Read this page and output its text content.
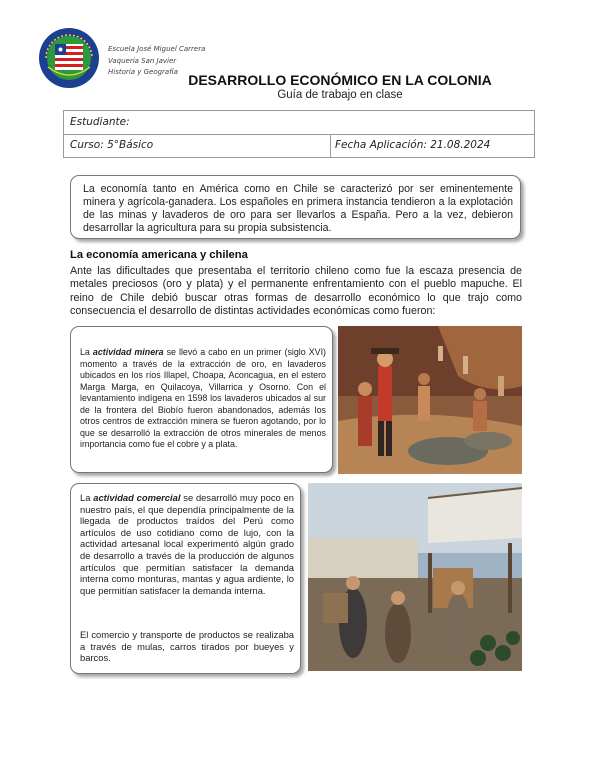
Escuela José Miguel Carrera
Vaquería San Javier
Historia y Geografía DESARROLLO ECONÓMICO EN LA COLONIA
Guía de trabajo en clase
Estudiante:
Curso: 5°Básico	Fecha Aplicación: 21.08.2024
La economía tanto en América como en Chile se caracterizó por ser eminentemente minera y agrícola-ganadera. Los españoles en primera instancia tendieron a la explotación de las minas y lavaderos de oro para ser llevarlos a España. Pero a la vez, debieron desarrollar la agricultura para su propia subsistencia.
La economía americana y chilena
Ante las dificultades que presentaba el territorio chileno como fue la escaza presencia de metales preciosos (oro y plata) y el permanente enfrentamiento con el pueblo mapuche. El reino de Chile debió buscar otras formas de desarrollo económico lo que trajo como consecuencia el desarrollo de distintas actividades económicas como fueron:
La actividad minera se llevó a cabo en un primer (siglo XVI) momento a través de la extracción de oro, en lavaderos ubicados en los ríos Illapel, Choapa, Aconcagua, en el estero Marga Marga, en Quilacoya, Villarrica y Osorno. Con el levantamiento indígena en 1598 los lavaderos ubicados al sur de la frontera del Biobío fueron abandonados, además los otros centros de extracción minera se fueron agotando, por lo que se desarrolló la extracción de otros minerales de menos importancia como fue el cobre y a plata.
La actividad comercial se desarrolló muy poco en nuestro país, el que dependía principalmente de la llegada de productos traídos del Perú como artículos de uso cotidiano como de lujo, con la actividad artesanal local experimentó algún grado de desarrollo a través de la producción de algunos artículos que permitían satisfacer la demanda interna como monturas, mantas y agua ardiente, lo que permitían satisfacer la demanda interna.
El comercio y transporte de productos se realizaba a través de mulas, carros tirados por bueyes y barcos.
